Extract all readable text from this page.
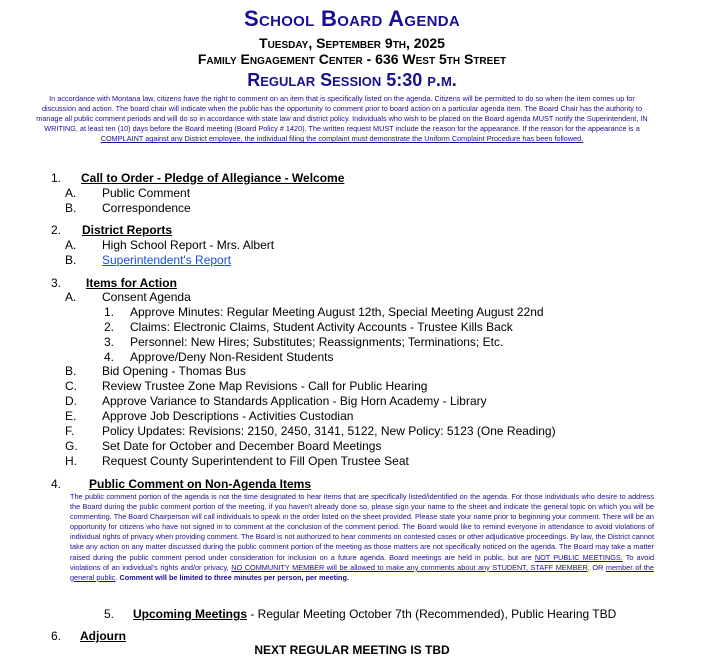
School Board Agenda
Tuesday, September 9th, 2025
Family Engagement Center - 636 West 5th Street
Regular Session 5:30 p.m.
In accordance with Montana law, citizens have the right to comment on an item that is specifically listed on the agenda. Citizens will be permitted to do so when the item comes up for discussion and action. The board chair will indicate when the public has the opportunity to comment prior to board action on a particular agenda item. The Board Chair has the authority to manage all public comment periods and will do so in accordance with state law and district policy. Individuals who wish to be placed on the Board agenda MUST notify the Superintendent, IN WRITING, at least ten (10) days before the Board meeting (Board Policy # 1420). The written request MUST include the reason for the appearance. If the reason for the appearance is a COMPLAINT against any District employee, the individual filing the complaint must demonstrate the Uniform Complaint Procedure has been followed.
1. Call to Order - Pledge of Allegiance - Welcome
A. Public Comment
B. Correspondence
2. District Reports
A. High School Report - Mrs. Albert
B. Superintendent's Report
3. Items for Action
A. Consent Agenda
1. Approve Minutes: Regular Meeting August 12th, Special Meeting August 22nd
2. Claims: Electronic Claims, Student Activity Accounts - Trustee Kills Back
3. Personnel: New Hires; Substitutes; Reassignments; Terminations; Etc.
4. Approve/Deny Non-Resident Students
B. Bid Opening - Thomas Bus
C. Review Trustee Zone Map Revisions - Call for Public Hearing
D. Approve Variance to Standards Application - Big Horn Academy - Library
E. Approve Job Descriptions - Activities Custodian
F. Policy Updates: Revisions: 2150, 2450, 3141, 5122, New Policy: 5123 (One Reading)
G. Set Date for October and December Board Meetings
H. Request County Superintendent to Fill Open Trustee Seat
4. Public Comment on Non-Agenda Items
The public comment portion of the agenda is not the time designated to hear items that are specifically listed/identified on the agenda. For those individuals who desire to address the Board during the public comment portion of the meeting, if you haven't already done so, please sign your name to the sheet and indicate the general topic on which you will be commenting. The Board Chairperson will call individuals to speak in the order listed on the sheet provided. Please state your name prior to beginning your comment. There will be an opportunity for citizens who have not signed in to comment at the conclusion of the comment period. The Board would like to remind everyone in attendance to avoid violations of individual rights of privacy when providing comment. The Board is not authorized to hear comments on contested cases or other adjudicative proceedings. By law, the District cannot take any action on any matter discussed during the public comment portion of the meeting as those matters are not specifically noticed on the agenda. The Board may take a matter raised during the public comment period under consideration for inclusion on a future agenda. Board meetings are held in public, but are NOT PUBLIC MEETINGS. To avoid violations of an individual's rights and/or privacy, NO COMMUNITY MEMBER will be allowed to make any comments about any STUDENT, STAFF MEMBER, OR member of the general public. Comment will be limited to three minutes per person, per meeting.
5. Upcoming Meetings - Regular Meeting October 7th (Recommended), Public Hearing TBD
6. Adjourn
NEXT REGULAR MEETING IS TBD
